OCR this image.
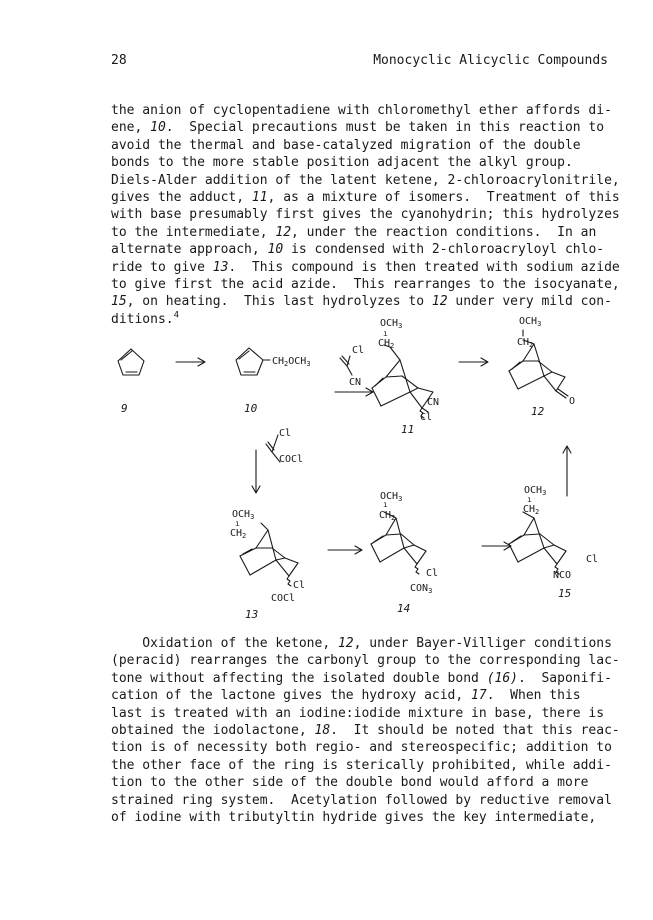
28	Monocyclic Alicyclic Compounds
the anion of cyclopentadiene with chloromethyl ether affords di-
ene, 10.  Special precautions must be taken in this reaction to
avoid the thermal and base-catalyzed migration of the double
bonds to the more stable position adjacent the alkyl group.
Diels-Alder addition of the latent ketene, 2-chloroacrylonitrile,
gives the adduct, 11, as a mixture of isomers.  Treatment of this
with base presumably first gives the cyanohydrin; this hydrolyzes
to the intermediate, 12, under the reaction conditions.  In an
alternate approach, 10 is condensed with 2-chloroacryloyl chlo-
ride to give 13.  This compound is then treated with sodium azide
to give first the acid azide.  This rearranges to the isocyanate,
15, on heating.  This last hydrolyzes to 12 under very mild con-
ditions.$^4$
$CH_2OCH_3$
Cl
CN
$OCH_3$
ı
$CH_2$
CN
Cl
$OCH_3$
$CH_2$
O
Cl
COCl
$OCH_3$
ı
$CH_2$
Cl
COCl
$OCH_3$
ı
$CH_2$
Cl
$CON_3$
$OCH_3$
ı
$CH_2$
Cl
NCO
9	10
11
12
13	14
15
Oxidation of the ketone, 12, under Bayer-Villiger conditions
(peracid) rearranges the carbonyl group to the corresponding lac-
tone without affecting the isolated double bond (16).  Saponifi-
cation of the lactone gives the hydroxy acid, 17.  When this
last is treated with an iodine:iodide mixture in base, there is
obtained the iodolactone, 18.  It should be noted that this reac-
tion is of necessity both regio- and stereospecific; addition to
the other face of the ring is sterically prohibited, while addi-
tion to the other side of the double bond would afford a more
strained ring system.  Acetylation followed by reductive removal
of iodine with tributyltin hydride gives the key intermediate,
